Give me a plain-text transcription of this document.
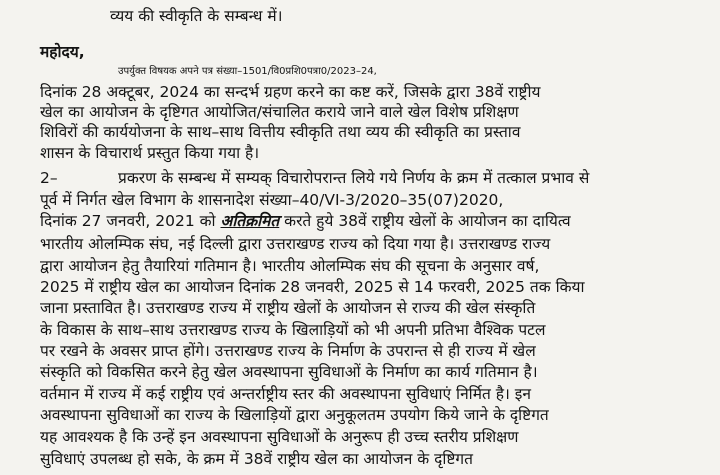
व्यय की स्वीकृति के सम्बन्ध में।
महोदय,
उपर्युक्त विषयक अपने पत्र संख्या–1501/वि0प्रशि0पत्रा0/2023–24,
दिनांक 28 अक्टूबर, 2024 का सन्दर्भ ग्रहण करने का कष्ट करें, जिसके द्वारा 38वें राष्ट्रीय
खेल का आयोजन के दृष्टिगत आयोजित/संचालित कराये जाने वाले खेल विशेष प्रशिक्षण
शिविरों की कार्ययोजना के साथ–साथ वित्तीय स्वीकृति तथा व्यय की स्वीकृति का प्रस्ताव
शासन के विचारार्थ प्रस्तुत किया गया है।
2–	प्रकरण के सम्बन्ध में सम्यक् विचारोपरान्त लिये गये निर्णय के क्रम में तत्काल प्रभाव से
पूर्व में निर्गत खेल विभाग के शासनादेश संख्या–40/VI-3/2020–35(07)2020,
दिनांक 27 जनवरी, 2021 को अतिक्रमित करते हुये 38वें राष्ट्रीय खेलों के आयोजन का दायित्व
भारतीय ओलम्पिक संघ, नई दिल्ली द्वारा उत्तराखण्ड राज्य को दिया गया है। उत्तराखण्ड राज्य
द्वारा आयोजन हेतु तैयारियां गतिमान है। भारतीय ओलम्पिक संघ की सूचना के अनुसार वर्ष,
2025 में राष्ट्रीय खेल का आयोजन दिनांक 28 जनवरी, 2025 से 14 फरवरी, 2025 तक किया
जाना प्रस्तावित है। उत्तराखण्ड राज्य में राष्ट्रीय खेलों के आयोजन से राज्य की खेल संस्कृति
के विकास के साथ–साथ उत्तराखण्ड राज्य के खिलाड़ियों को भी अपनी प्रतिभा वैश्विक पटल
पर रखने के अवसर प्राप्त होंगे। उत्तराखण्ड राज्य के निर्माण के उपरान्त से ही राज्य में खेल
संस्कृति को विकसित करने हेतु खेल अवस्थापना सुविधाओं के निर्माण का कार्य गतिमान है।
वर्तमान में राज्य में कई राष्ट्रीय एवं अन्तर्राष्ट्रीय स्तर की अवस्थापना सुविधाएं निर्मित है। इन
अवस्थापना सुविधाओं का राज्य के खिलाड़ियों द्वारा अनुकूलतम उपयोग किये जाने के दृष्टिगत
यह आवश्यक है कि उन्हें इन अवस्थापना सुविधाओं के अनुरूप ही उच्च स्तरीय प्रशिक्षण
सुविधाएं उपलब्ध हो सके, के क्रम में 38वें राष्ट्रीय खेल का आयोजन के दृष्टिगत
